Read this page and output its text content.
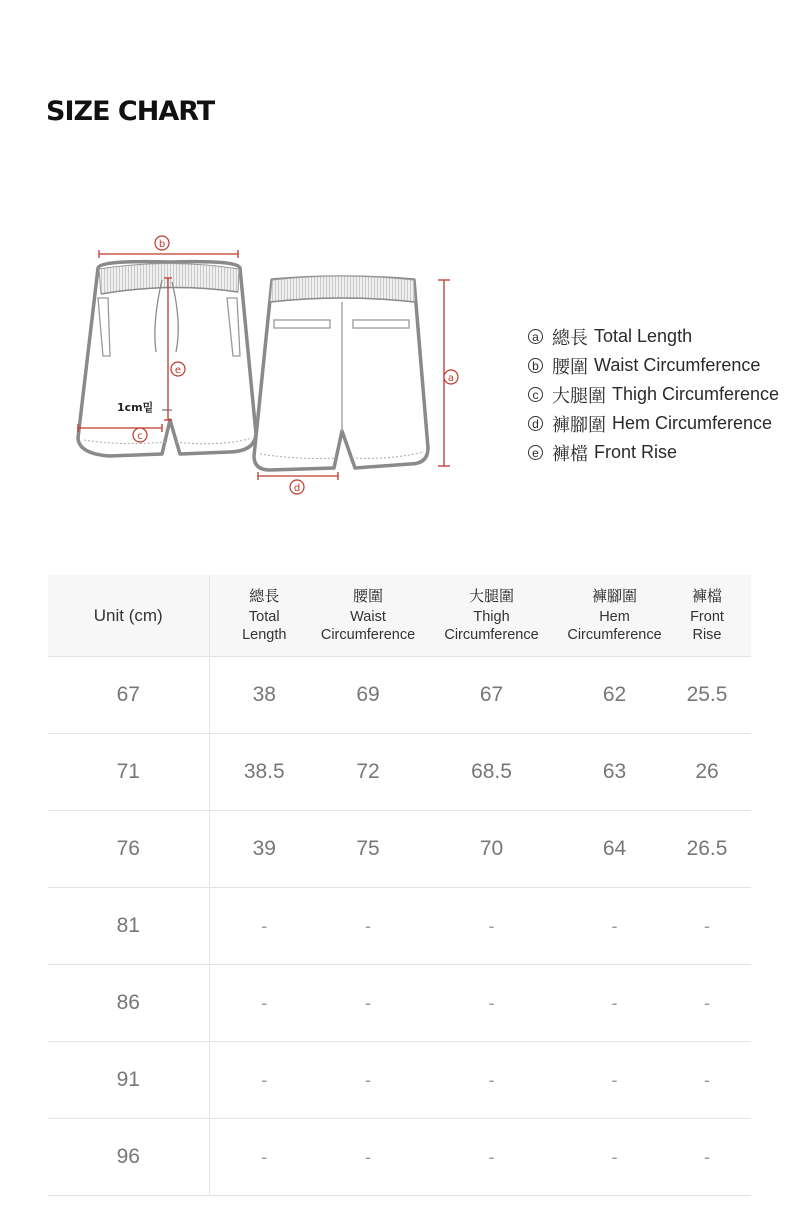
SIZE CHART
b
e
c
a
d
1cm밑
a 總長 Total Length
b 腰圍 Waist Circumference
c 大腿圍 Thigh Circumference
d 褲腳圍 Hem Circumference
e 褲檔 Front Rise
Unit (cm)	總長
Total
Length	腰圍
Waist
Circumference	大腿圍
Thigh
Circumference	褲腳圍
Hem
Circumference	褲檔
Front
Rise

67	38	69	67	62	25.5
71	38.5	72	68.5	63	26
76	39	75	70	64	26.5
81	-	-	-	-	-
86	-	-	-	-	-
91	-	-	-	-	-
96	-	-	-	-	-
